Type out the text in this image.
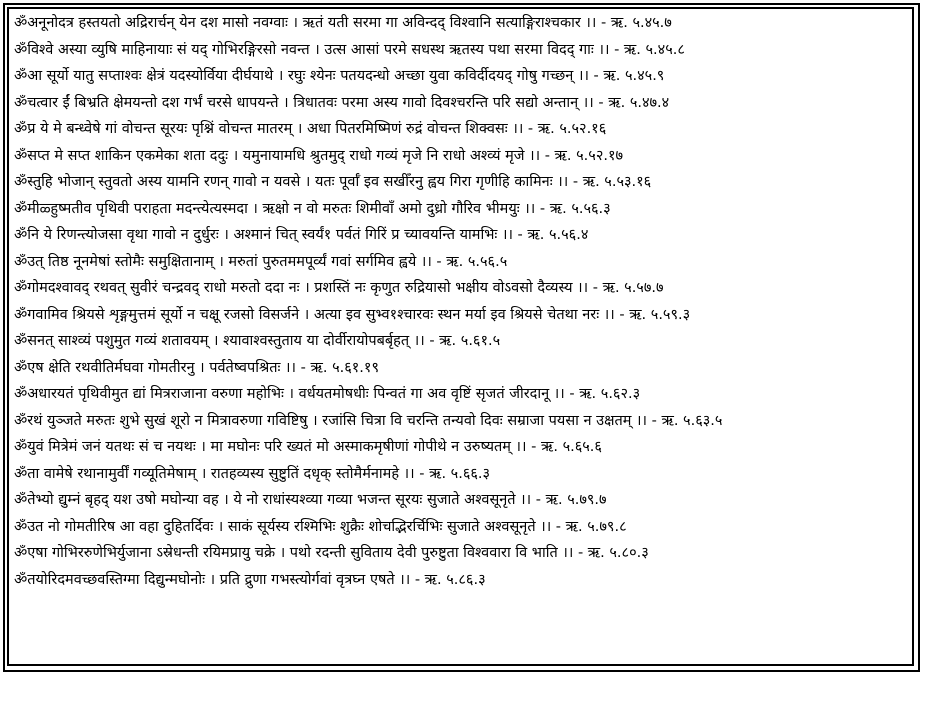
ॐअनूनोदत्र हस्तयतो अद्रिरार्चन् येन दश मासो नवग्वाः । ऋतं यती सरमा गा अविन्दद् विश्वानि सत्याङ्गिराश्चकार ।। - ऋ. ५.४५.७

ॐविश्वे अस्या व्युषि माहिनायाः सं यद् गोभिरङ्गिरसो नवन्त । उत्स आसां परमे सधस्थ ऋतस्य पथा सरमा विदद् गाः ।। - ऋ. ५.४५.८

ॐआ सूर्यो यातु सप्ताश्वः क्षेत्रं यदस्योर्विया दीर्घयाथे । रघुः श्येनः पतयदन्धो अच्छा युवा कविर्दीदयद् गोषु गच्छन् ।। - ऋ. ५.४५.९

ॐचत्वार ईं बिभ्रति क्षेमयन्तो दश गर्भं चरसे धापयन्ते । त्रिधातवः परमा अस्य गावो दिवश्चरन्ति परि सद्यो अन्तान् ।। - ऋ. ५.४७.४

ॐप्र ये मे बन्ध्वेषे गां वोचन्त सूरयः पृश्निं वोचन्त मातरम् । अधा पितरमिष्मिणं रुद्रं वोचन्त शिक्वसः ।। - ऋ. ५.५२.१६

ॐसप्त मे सप्त शाकिन एकमेका शता ददुः । यमुनायामधि श्रुतमुद् राधो गव्यं मृजे नि राधो अश्व्यं मृजे ।। - ऋ. ५.५२.१७

ॐस्तुहि भोजान् स्तुवतो अस्य यामनि रणन् गावो न यवसे । यतः पूर्वाँ इव सखीँरनु ह्वय गिरा गृणीहि कामिनः ।। - ऋ. ५.५३.१६

ॐमीळ्हुष्मतीव पृथिवी पराहता मदन्त्येत्यस्मदा । ऋक्षो न वो मरुतः शिमीवाँ अमो दुध्रो गौरिव भीमयुः ।। - ऋ. ५.५६.३

ॐनि ये रिणन्त्योजसा वृथा गावो न दुर्धुरः । अश्मानं चित् स्वर्यं१ पर्वतं गिरिं प्र च्यावयन्ति यामभिः ।। - ऋ. ५.५६.४

ॐउत् तिष्ठ नूनमेषां स्तोमैः समुक्षितानाम् । मरुतां पुरुतममपूर्व्यं गवां सर्गमिव ह्वये ।। - ऋ. ५.५६.५

ॐगोमदश्वावद् रथवत् सुवीरं चन्द्रवद् राधो मरुतो ददा नः । प्रशस्तिं नः कृणुत रुद्रियासो भक्षीय वोऽवसो दैव्यस्य ।। - ऋ. ५.५७.७

ॐगवामिव श्रियसे शृङ्गमुत्तमं सूर्यो न चक्षू रजसो विसर्जने । अत्या इव सुभ्व१श्चारवः स्थन मर्या इव श्रियसे चेतथा नरः ।। - ऋ. ५.५९.३

ॐसनत् साश्व्यं पशुमुत गव्यं शतावयम् । श्यावाश्वस्तुताय या दोर्वीरायोपबर्बृहत् ।। - ऋ. ५.६१.५

ॐएष क्षेति रथवीतिर्मघवा गोमतीरनु । पर्वतेष्वपश्रितः ।। - ऋ. ५.६१.१९

ॐअधारयतं पृथिवीमुत द्यां मित्रराजाना वरुणा महोभिः । वर्धयतमोषधीः पिन्वतं गा अव वृष्टिं सृजतं जीरदानू ।। - ऋ. ५.६२.३

ॐरथं युञ्जते मरुतः शुभे सुखं शूरो न मित्रावरुणा गविष्टिषु । रजांसि चित्रा वि चरन्ति तन्यवो दिवः सम्राजा पयसा न उक्षतम् ।। - ऋ. ५.६३.५

ॐयुवं मित्रेमं जनं यतथः सं च नयथः । मा मघोनः परि ख्यतं मो अस्माकमृषीणां गोपीथे न उरुष्यतम् ।। - ऋ. ५.६५.६

ॐता वामेषे रथानामुर्वीं गव्यूतिमेषाम् । रातहव्यस्य सुष्टुतिं दधृक् स्तोमैर्मनामहे ।। - ऋ. ५.६६.३

ॐतेभ्यो द्युम्नं बृहद् यश उषो मघोन्या वह । ये नो राधांस्यश्व्या गव्या भजन्त सूरयः सुजाते अश्वसूनृते ।। - ऋ. ५.७९.७

ॐउत नो गोमतीरिष आ वहा दुहितर्दिवः । साकं सूर्यस्य रश्मिभिः शुक्रैः शोचद्भिरर्चिभिः सुजाते अश्वसूनृते ।। - ऋ. ५.७९.८

ॐएषा गोभिररुणेभिर्युजाना ऽस्रेधन्ती रयिमप्रायु चक्रे । पथो रदन्ती सुविताय देवी पुरुष्टुता विश्ववारा वि भाति ।। - ऋ. ५.८०.३

ॐतयोरिदमवच्छवस्तिग्मा दिद्युन्मघोनोः । प्रति द्रुणा गभस्त्योर्गवां वृत्रघ्न एषते ।। - ऋ. ५.८६.३
